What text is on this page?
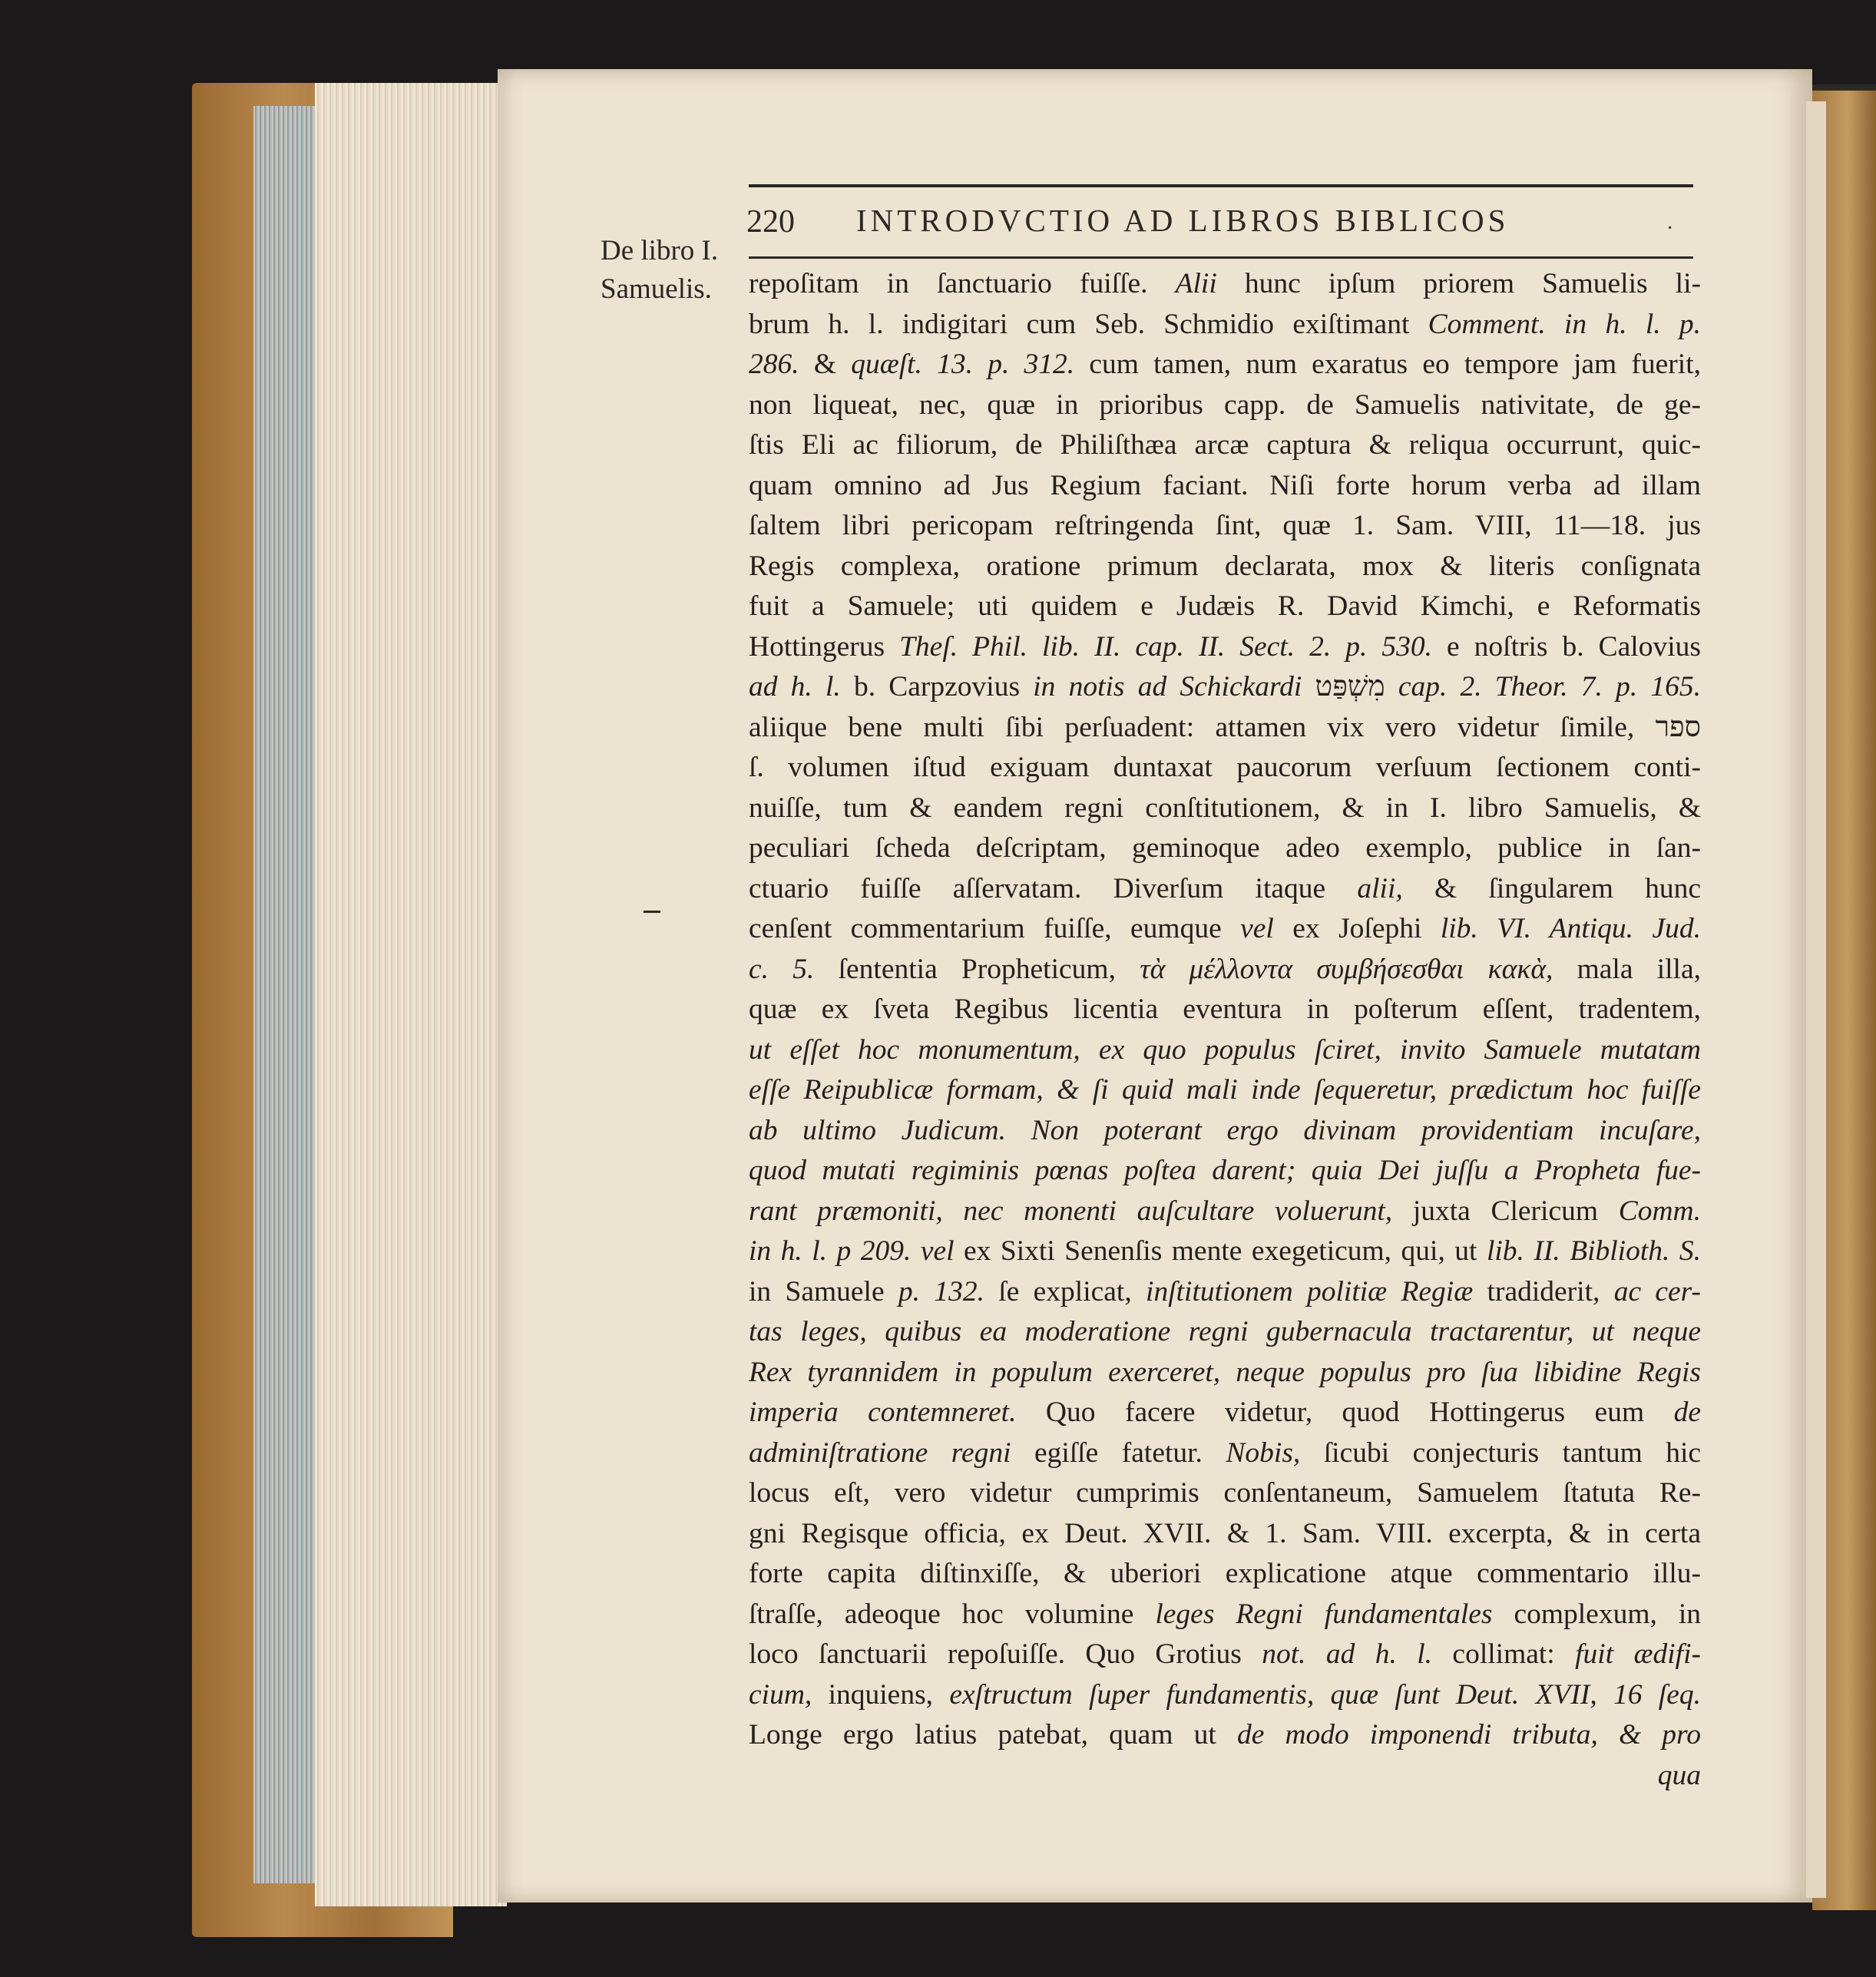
220	INTRODVCTIO AD LIBROS BIBLICOS	·
De libro I.
Samuelis.	repoſitam in ſanctuario fuiſſe. Alii hunc ipſum priorem Samuelis li-
brum h. l. indigitari cum Seb. Schmidio exiſtimant Comment. in h. l. p.
286. & quæſt. 13. p. 312. cum tamen, num exaratus eo tempore jam fuerit,
non liqueat, nec, quæ in prioribus capp. de Samuelis nativitate, de ge-
ſtis Eli ac filiorum, de Philiſthæa arcæ captura & reliqua occurrunt, quic-
quam omnino ad Jus Regium faciant. Niſi forte horum verba ad illam
ſaltem libri pericopam reſtringenda ſint, quæ 1. Sam. VIII, 11—18. jus
Regis complexa, oratione primum declarata, mox & literis conſignata
fuit a Samuele; uti quidem e Judæis R. David Kimchi, e Reformatis
Hottingerus Theſ. Phil. lib. II. cap. II. Sect. 2. p. 530. e noſtris b. Calovius
ad h. l. b. Carpzovius in notis ad Schickardi מִשְׁפַּט cap. 2. Theor. 7. p. 165.
aliique bene multi ſibi perſuadent: attamen vix vero videtur ſimile, ספר
ſ. volumen iſtud exiguam duntaxat paucorum verſuum ſectionem conti-
nuiſſe, tum & eandem regni conſtitutionem, & in I. libro Samuelis, &
peculiari ſcheda deſcriptam, geminoque adeo exemplo, publice in ſan-
ctuario fuiſſe aſſervatam. Diverſum itaque alii, & ſingularem hunc
cenſent commentarium fuiſſe, eumque vel ex Joſephi lib. VI. Antiqu. Jud.
c. 5. ſententia Propheticum, τὰ μέλλοντα συμβήσεσθαι κακὰ, mala illa,
quæ ex ſveta Regibus licentia eventura in poſterum eſſent, tradentem,
ut eſſet hoc monumentum, ex quo populus ſciret, invito Samuele mutatam
eſſe Reipublicæ formam, & ſi quid mali inde ſequeretur, prædictum hoc fuiſſe
ab ultimo Judicum. Non poterant ergo divinam providentiam incuſare,
quod mutati regiminis pœnas poſtea darent; quia Dei juſſu a Propheta fue-
rant præmoniti, nec monenti auſcultare voluerunt, juxta Clericum Comm.
in h. l. p 209. vel ex Sixti Senenſis mente exegeticum, qui, ut lib. II. Biblioth. S.
in Samuele p. 132. ſe explicat, inſtitutionem politiæ Regiæ tradiderit, ac cer-
tas leges, quibus ea moderatione regni gubernacula tractarentur, ut neque
Rex tyrannidem in populum exerceret, neque populus pro ſua libidine Regis
imperia contemneret. Quo facere videtur, quod Hottingerus eum de
adminiſtratione regni egiſſe fatetur. Nobis, ſicubi conjecturis tantum hic
locus eſt, vero videtur cumprimis conſentaneum, Samuelem ſtatuta Re-
gni Regisque officia, ex Deut. XVII. & 1. Sam. VIII. excerpta, & in certa
forte capita diſtinxiſſe, & uberiori explicatione atque commentario illu-
ſtraſſe, adeoque hoc volumine leges Regni fundamentales complexum, in
loco ſanctuarii repoſuiſſe. Quo Grotius not. ad h. l. collimat: fuit ædifi-
cium, inquiens, exſtructum ſuper fundamentis, quæ ſunt Deut. XVII, 16 ſeq.
Longe ergo latius patebat, quam ut de modo imponendi tributa, & pro
qua
